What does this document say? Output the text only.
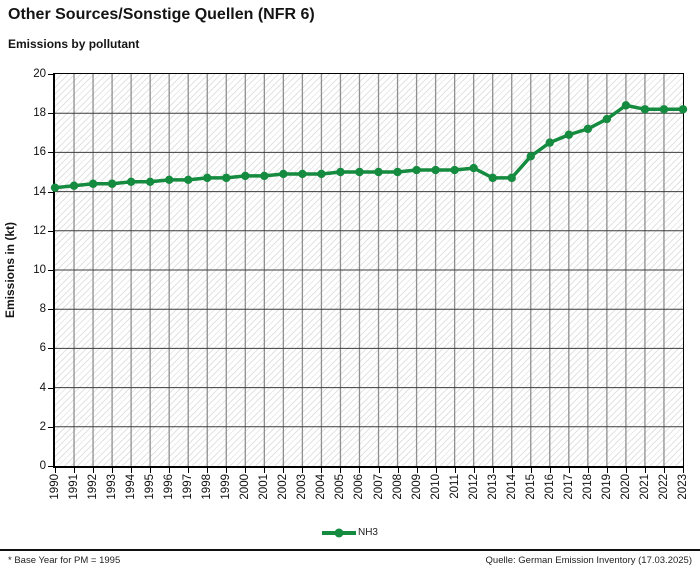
Other Sources/Sonstige Quellen (NFR 6)
Emissions by pollutant
Emissions in (kt)
NH3
* Base Year for PM = 1995	Quelle: German Emission Inventory (17.03.2025)
0
2
4
6
8
10
12
14
16
18
20
1990 1991 1992 1993 1994 1995 1996 1997 1998 1999 2000 2001 2002 2003 2004 2005 2006 2007 2008 2009 2010 2011 2012 2013 2014 2015 2016 2017 2018 2019 2020 2021 2022 2023
